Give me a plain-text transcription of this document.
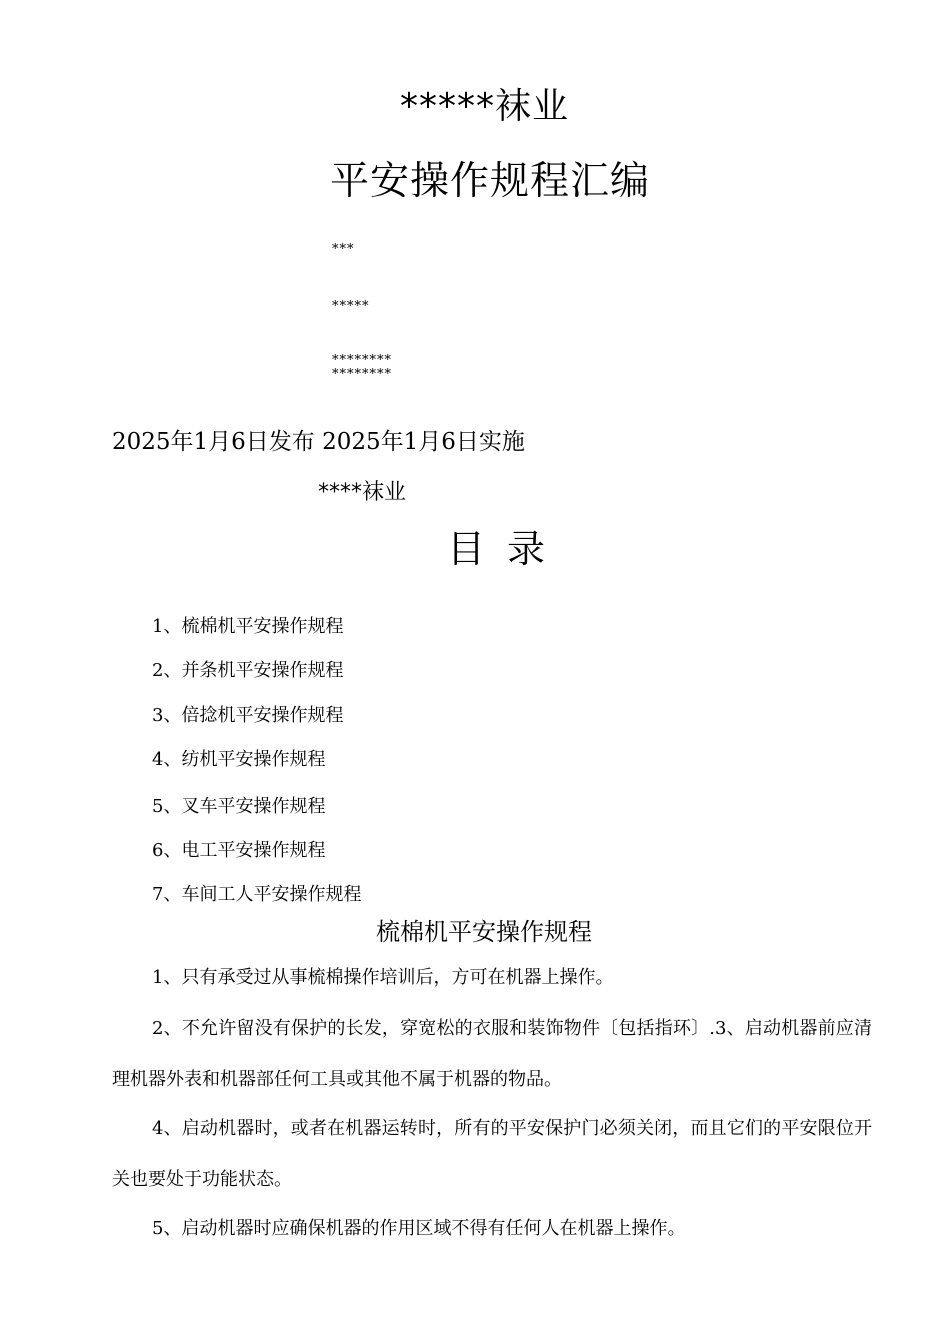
*****袜业
平安操作规程汇编
***
*****
********
********
2025年1月6日发布 2025年1月6日实施
****袜业
目录
1、梳棉机平安操作规程
2、并条机平安操作规程
3、倍捻机平安操作规程
4、纺机平安操作规程
5、叉车平安操作规程
6、电工平安操作规程
7、车间工人平安操作规程
梳棉机平安操作规程
1、只有承受过从事梳棉操作培训后，方可在机器上操作。
2、不允许留没有保护的长发，穿宽松的衣服和装饰物件〔包括指环〕.3、启动机器前应清理机器外表和机器部任何工具或其他不属于机器的物品。
4、启动机器时，或者在机器运转时，所有的平安保护门必须关闭，而且它们的平安限位开关也要处于功能状态。
5、启动机器时应确保机器的作用区域不得有任何人在机器上操作。
